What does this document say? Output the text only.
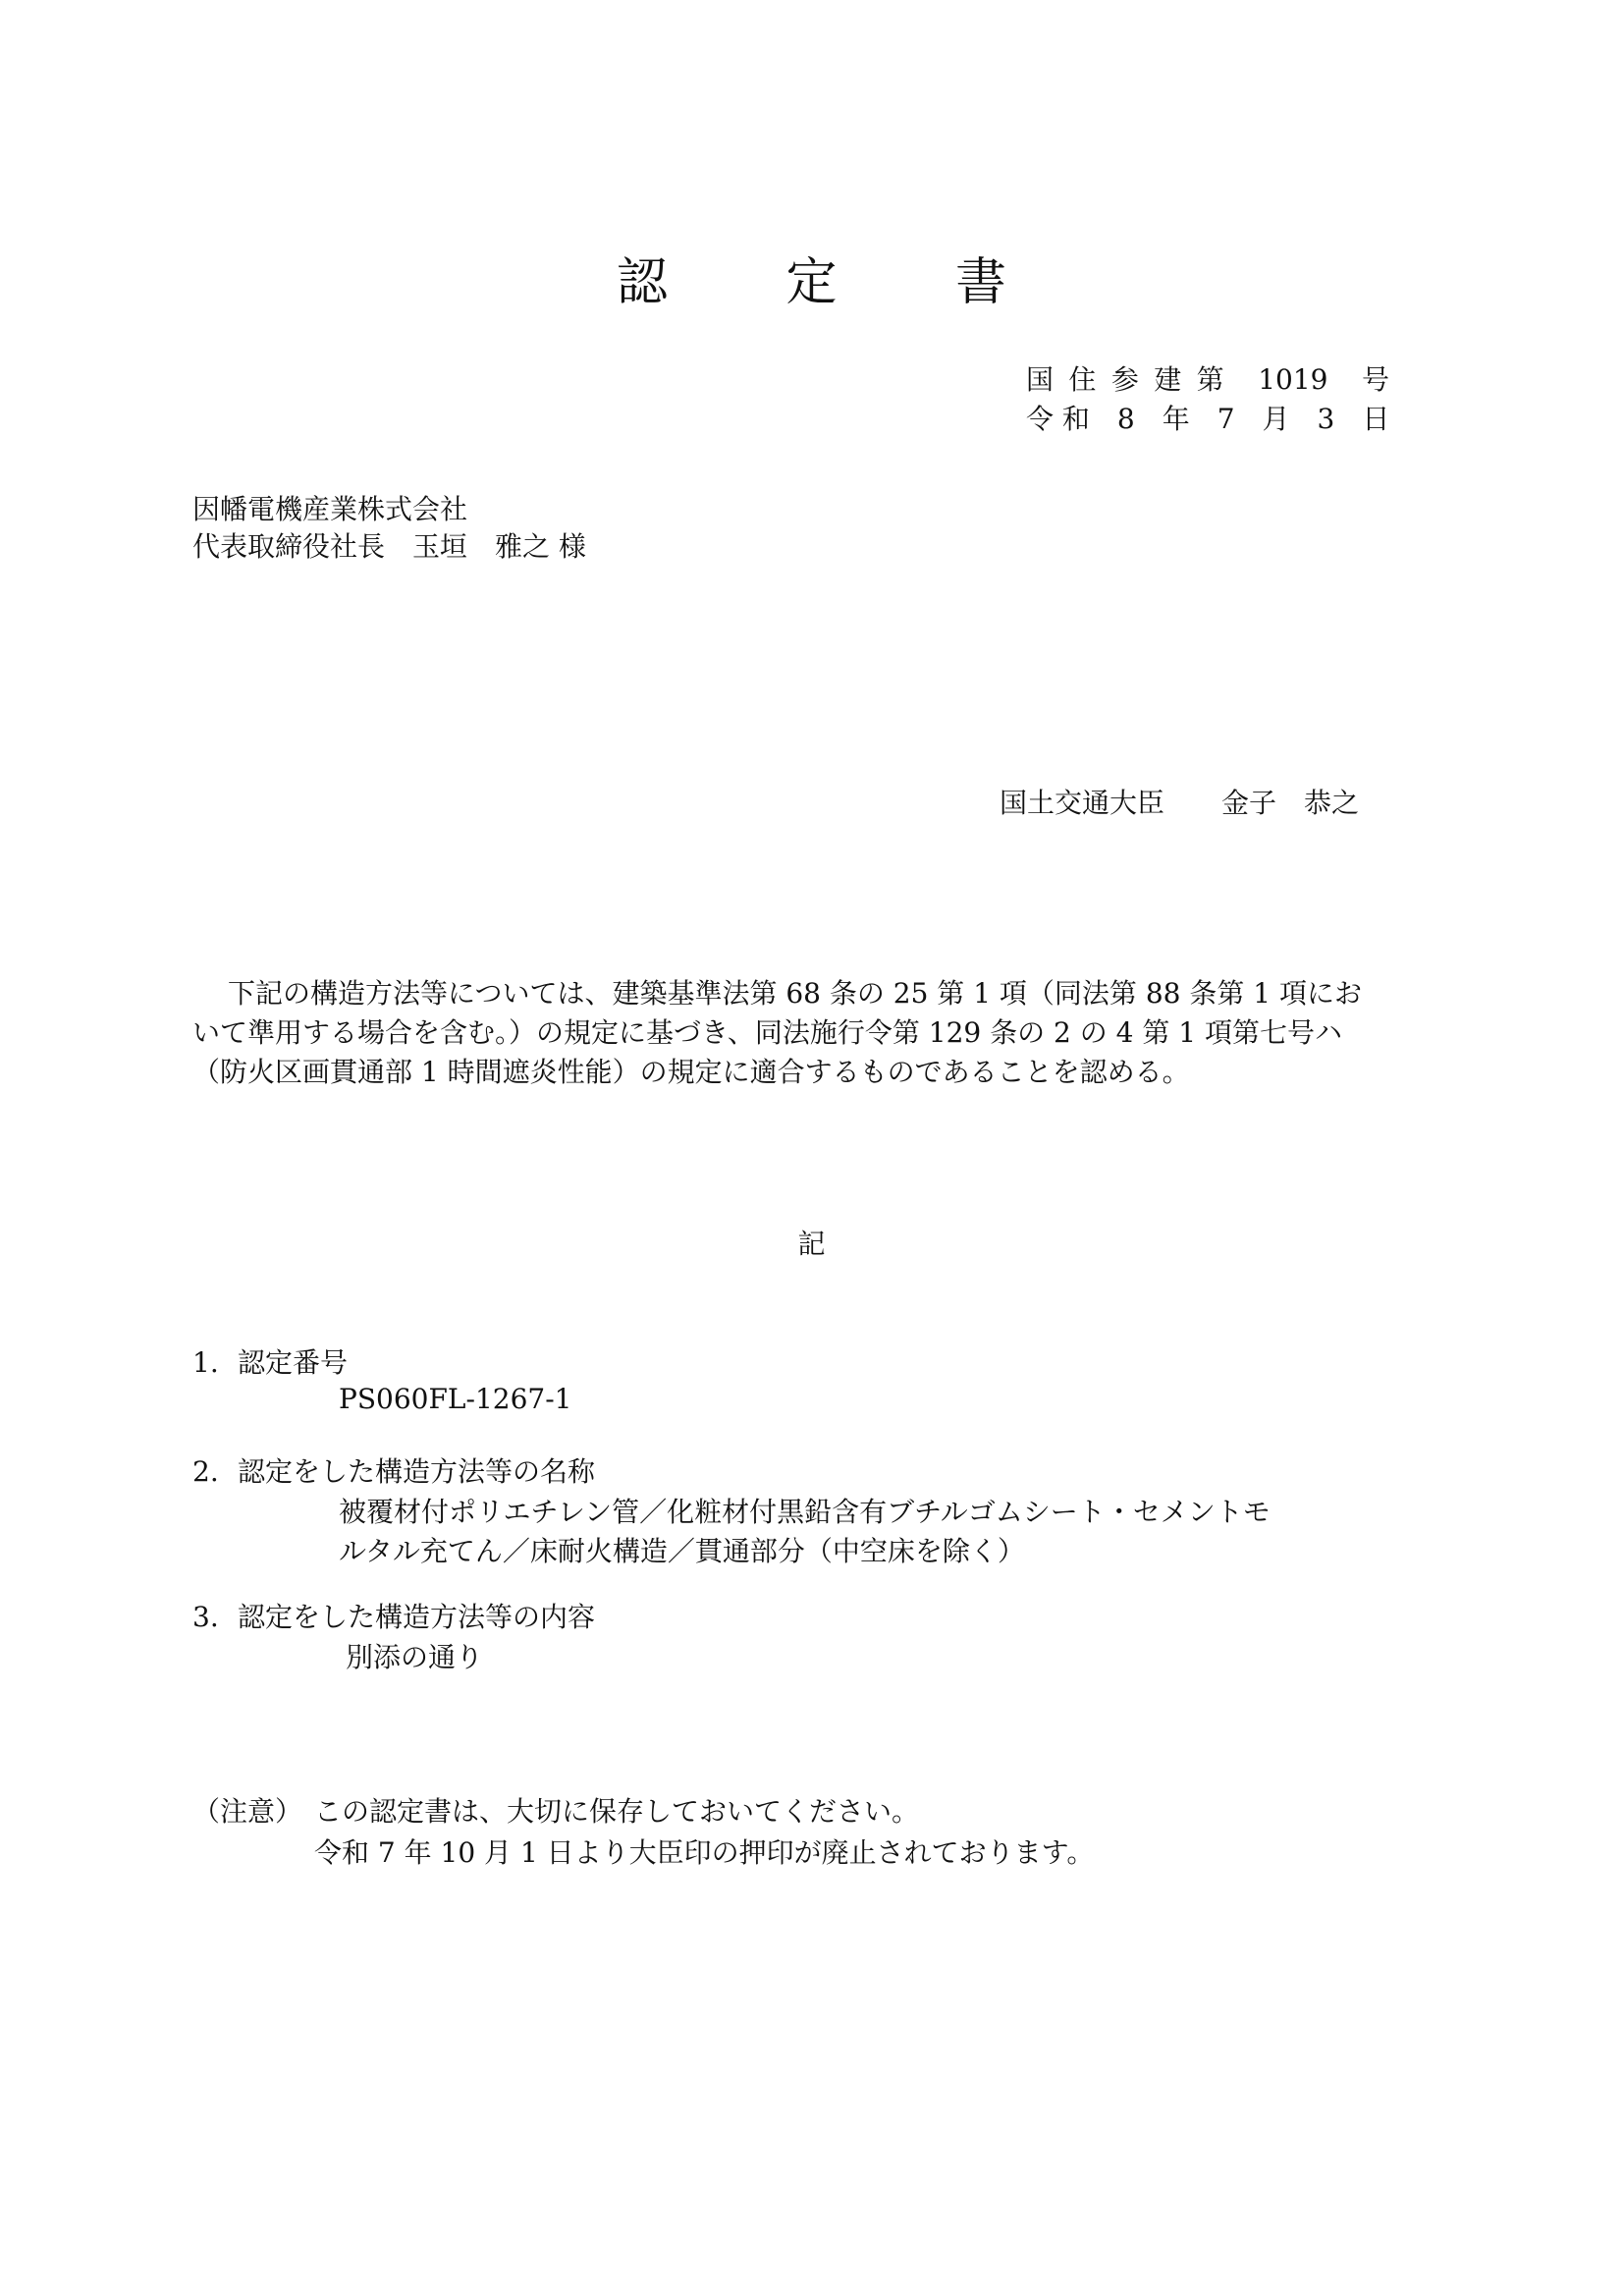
認 定 書
国 住 参 建 第　1019　号
令 和　8　年　7　月　3　日
因幡電機産業株式会社
代表取締役社長　玉垣　雅之 様
国土交通大臣 金子　恭之
下記の構造方法等については、建築基準法第 68 条の 25 第 1 項（同法第 88 条第 1 項にお
いて準用する場合を含む。）の規定に基づき、同法施行令第 129 条の 2 の 4 第 1 項第七号ハ
（防火区画貫通部 1 時間遮炎性能）の規定に適合するものであることを認める。
記
1. 認定番号
PS060FL-1267-1
2. 認定をした構造方法等の名称
被覆材付ポリエチレン管／化粧材付黒鉛含有ブチルゴムシート・セメントモ
ルタル充てん／床耐火構造／貫通部分（中空床を除く）
3. 認定をした構造方法等の内容
別添の通り
（注意） この認定書は、大切に保存しておいてください。
令和 7 年 10 月 1 日より大臣印の押印が廃止されております。
